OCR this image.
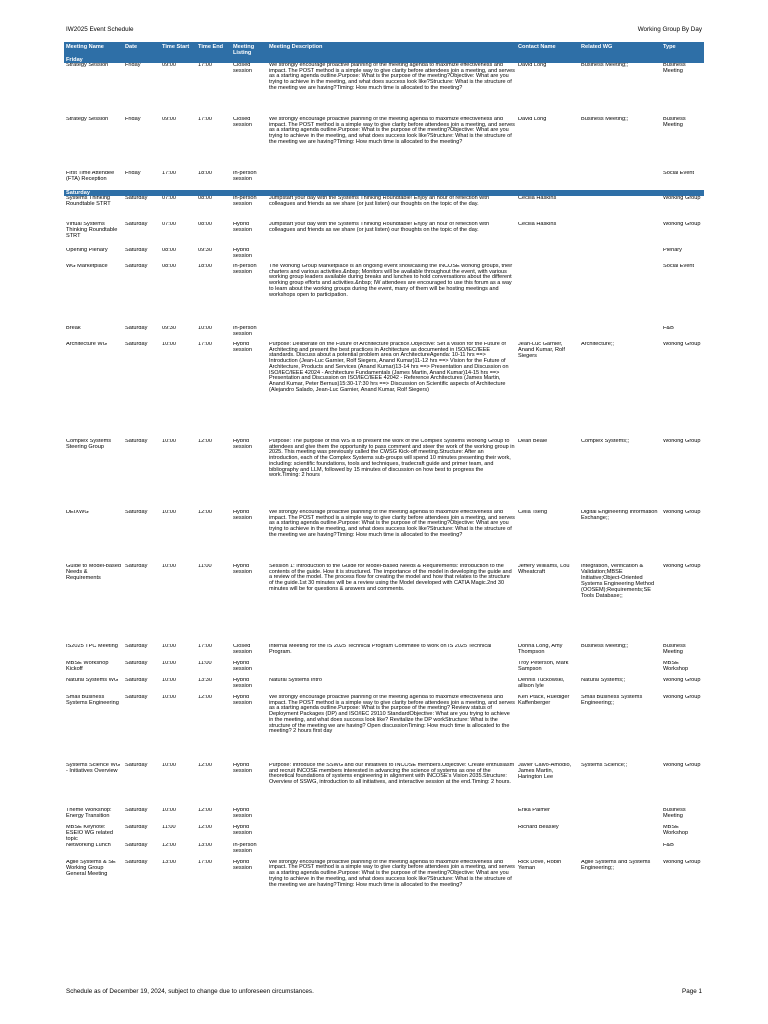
IW2025 Event Schedule	Working Group By Day
Meeting Name	Date	Time Start	Time End	Meeting Listing	Meeting Description	Contact Name	Related WG	Type
Friday								
Strategy Session	Friday	09:00	17:00	Closed session	We strongly encourage proactive planning of the meeting agenda to maximize effectiveness and impact. The POST method is a simple way to give clarity before attendees join a meeting, and serves as a starting agenda outline.Purpose: What is the purpose of the meeting?Objective: What are you trying to achieve in the meeting, and what does success look like?Structure: What is the structure of the meeting we are having?Timing: How much time is allocated to the meeting?	David Long	Business Meeting;;	Business Meeting
Strategy Session	Friday	09:00	17:00	Closed session	We strongly encourage proactive planning of the meeting agenda to maximize effectiveness and impact. The POST method is a simple way to give clarity before attendees join a meeting, and serves as a starting agenda outline.Purpose: What is the purpose of the meeting?Objective: What are you trying to achieve in the meeting, and what does success look like?Structure: What is the structure of the meeting we are having?Timing: How much time is allocated to the meeting?	David Long	Business Meeting;;	Business Meeting
First Time Attendee (FTA) Reception	Friday	17:00	18:00	In-person session				Social Event
Saturday								
Systems Thinking Roundtable STRT	Saturday	07:00	08:00	In-person session	Jumpstart your day with the Systems Thinking Roundtable! Enjoy an hour of reflection with colleagues and friends as we share (or just listen) our thoughts on the topic of the day.	Cecilia Haskins		Working Group
Virtual Systems Thinking Roundtable STRT	Saturday	07:00	08:00	Hybrid session	Jumpstart your day with the Systems Thinking Roundtable! Enjoy an hour of reflection with colleagues and friends as we share (or just listen) our thoughts on the topic of the day.	Cecilia Haskins		Working Group
Opening Plenary	Saturday	08:00	09:30	Hybrid session				Plenary
WG Marketplace	Saturday	08:00	18:00	In-person session	The Working Group Marketplace is an ongoing event showcasing the INCOSE working groups, their charters and various activities.&nbsp; Monitors will be available throughout the event, with various working group leaders available during breaks and lunches to hold conversations about the different working group efforts and activities.&nbsp; IW attendees are encouraged to use this forum as a way to learn about the working groups during the event, many of them will be hosting meetings and workshops open to participation.			Social Event
Break	Saturday	09:30	10:00	In-person session				F&B
Architecture WG	Saturday	10:00	17:00	Hybrid session	Purpose: Deliberate on the Future of Architecture practice.Objective: Set a vision for the Future of Architecting and present the best practices in Architecture as documented in ISO/IEC/IEEE standards. Discuss about a potential problem area on ArchitectureAgenda: 10-11 hrs ==> Introduction (Jean-Luc Garnier, Rolf Siegers, Anand Kumar)11-12 hrs ==> Vision for the Future of Architecture, Products and Services (Anand Kumar)13-14 hrs ==> Presentation and Discussion on ISO/IEC/IEEE 42024 - Architecture Fundamentals (James Martin, Anand Kumar)14-15 hrs ==> Presentation and Discussion on ISO/IEC/IEEE 42042 - Reference Architectures (James Martin, Anand Kumar, Peter Bernus)15:30-17:30 hrs ==> Discussion on Scientific aspects of Architecture (Alejandro Salado, Jean-Luc Garnier, Anand Kumar, Rolf Siegers)	Jean-Luc Garnier, Anand Kumar, Rolf Siegers	Architecture;;	Working Group
Complex Systems Steering Group	Saturday	10:00	12:00	Hybrid session	Purpose: The purpose of this WS is to present the work of the Complex Systems Working Group to attendees and give them the opportunity to pass comment and steer the work of the working group in 2025. This meeting was previously called the CWSG Kick-off meeting.Structure: After an introduction, each of the Complex Systems sub-groups will spend 10 minutes presenting their work, including: scientific foundations, tools and techniques, tradecraft guide and primer team, and bibliography and LLM, followed by 15 minutes of discussion on how best to progress the work.Timing: 2 hours	Dean Beale	Complex Systems;;	Working Group
DEIXWG	Saturday	10:00	12:00	Hybrid session	We strongly encourage proactive planning of the meeting agenda to maximize effectiveness and impact. The POST method is a simple way to give clarity before attendees join a meeting, and serves as a starting agenda outline.Purpose: What is the purpose of the meeting?Objective: What are you trying to achieve in the meeting, and what does success look like?Structure: What is the structure of the meeting we are having?Timing: How much time is allocated to the meeting?	Celia Tseng	Digital Engineering Information Exchange;;	Working Group
Guide to Model-based Needs & Requirements	Saturday	10:00	11:00	Hybrid session	Session 1: Introduction to the Guide for Model-Based Needs & Requirements: Introduction to the contents of the guide. How it is structured. The importance of the model in developing the guide and a review of the model. The process flow for creating the model and how that relates to the structure of the guide.1st 30 minutes will be a review using the Model developed with CATIA Magic.2nd 30 minutes will be for questions & answers and comments.	Jeffery Williams, Lou Wheatcraft	Integration, Verification & Validation;MBSE Initiative;Object-Oriented Systems Engineering Method (OOSEM);Requirements;SE Tools Database;;	Working Group
IS2025 TPC Meeting	Saturday	10:00	17:00	Closed session	Internal Meeting for the IS 2025 Technical Program Commitee to work on IS 2025 Technical Program.	Donna Long, Amy Thompson	Business Meeting;;	Business Meeting
MBSE Workshop Kickoff	Saturday	10:00	11:00	Hybrid session		Troy Peterson, Mark Sampson		MBSE Workshop
Natural Systems WG	Saturday	10:00	13:30	Hybrid session	Natural Systems Intro	Dennis Tuckowski, allison lyle	Natural Systems;;	Working Group
Small Business Systems Engineering	Saturday	10:00	12:00	Hybrid session	We strongly encourage proactive planning of the meeting agenda to maximize effectiveness and impact. The POST method is a simple way to give clarity before attendees join a meeting, and serves as a starting agenda outline.Purpose: What is the purpose of the meeting? Review status of Deployment Packages (DP) and ISO/IEC 29110 StandardObjective: What are you trying to achieve in the meeting, and what does success look like? Revitalize the DP workStructure: What is the structure of the meeting we are having? Open discussionTiming: How much time is allocated to the meeting? 2 hours first day	Ken Ptack, Ruediger Kaffenberger	Small Business Systems Engineering;;	Working Group
Systems Science WG - Initiatives Overview	Saturday	10:00	12:00	Hybrid session	Purpose: Introduce the SSWG and our initiatives to INCOSE members.Objective: Create enthusiasm and recruit INCOSE members interested in advancing the science of systems as one of the theoretical foundations of systems engineering in alignment with INCOSE's Vision 2035.Structure: Overview of SSWG, introduction to all initiatives, and interactive session at the end.Timing: 2 hours.	Javier Calvo-Amodio, James Martin, Harington Lee	Systems Science;;	Working Group
Theme Workshop: Energy Transition	Saturday	10:00	12:00	Hybrid session		Erika Palmer		Business Meeting
MBSE Keynote: ESEIO WG related topic	Saturday	11:00	12:00	Hybrid session		Richard Beasley		MBSE Workshop
Networking Lunch	Saturday	12:00	13:00	In-person session				F&B
Agile Systems & SE Working Group General Meeting	Saturday	13:00	17:00	Hybrid session	We strongly encourage proactive planning of the meeting agenda to maximize effectiveness and impact. The POST method is a simple way to give clarity before attendees join a meeting, and serves as a starting agenda outline.Purpose: What is the purpose of the meeting?Objective: What are you trying to achieve in the meeting, and what does success look like?Structure: What is the structure of the meeting we are having?Timing: How much time is allocated to the meeting?	Rick Dove, Robin Yeman	Agile Systems and Systems Engineering;;	Working Group
Schedule as of December 19, 2024, subject to change due to unforeseen circumstances.	Page 1
